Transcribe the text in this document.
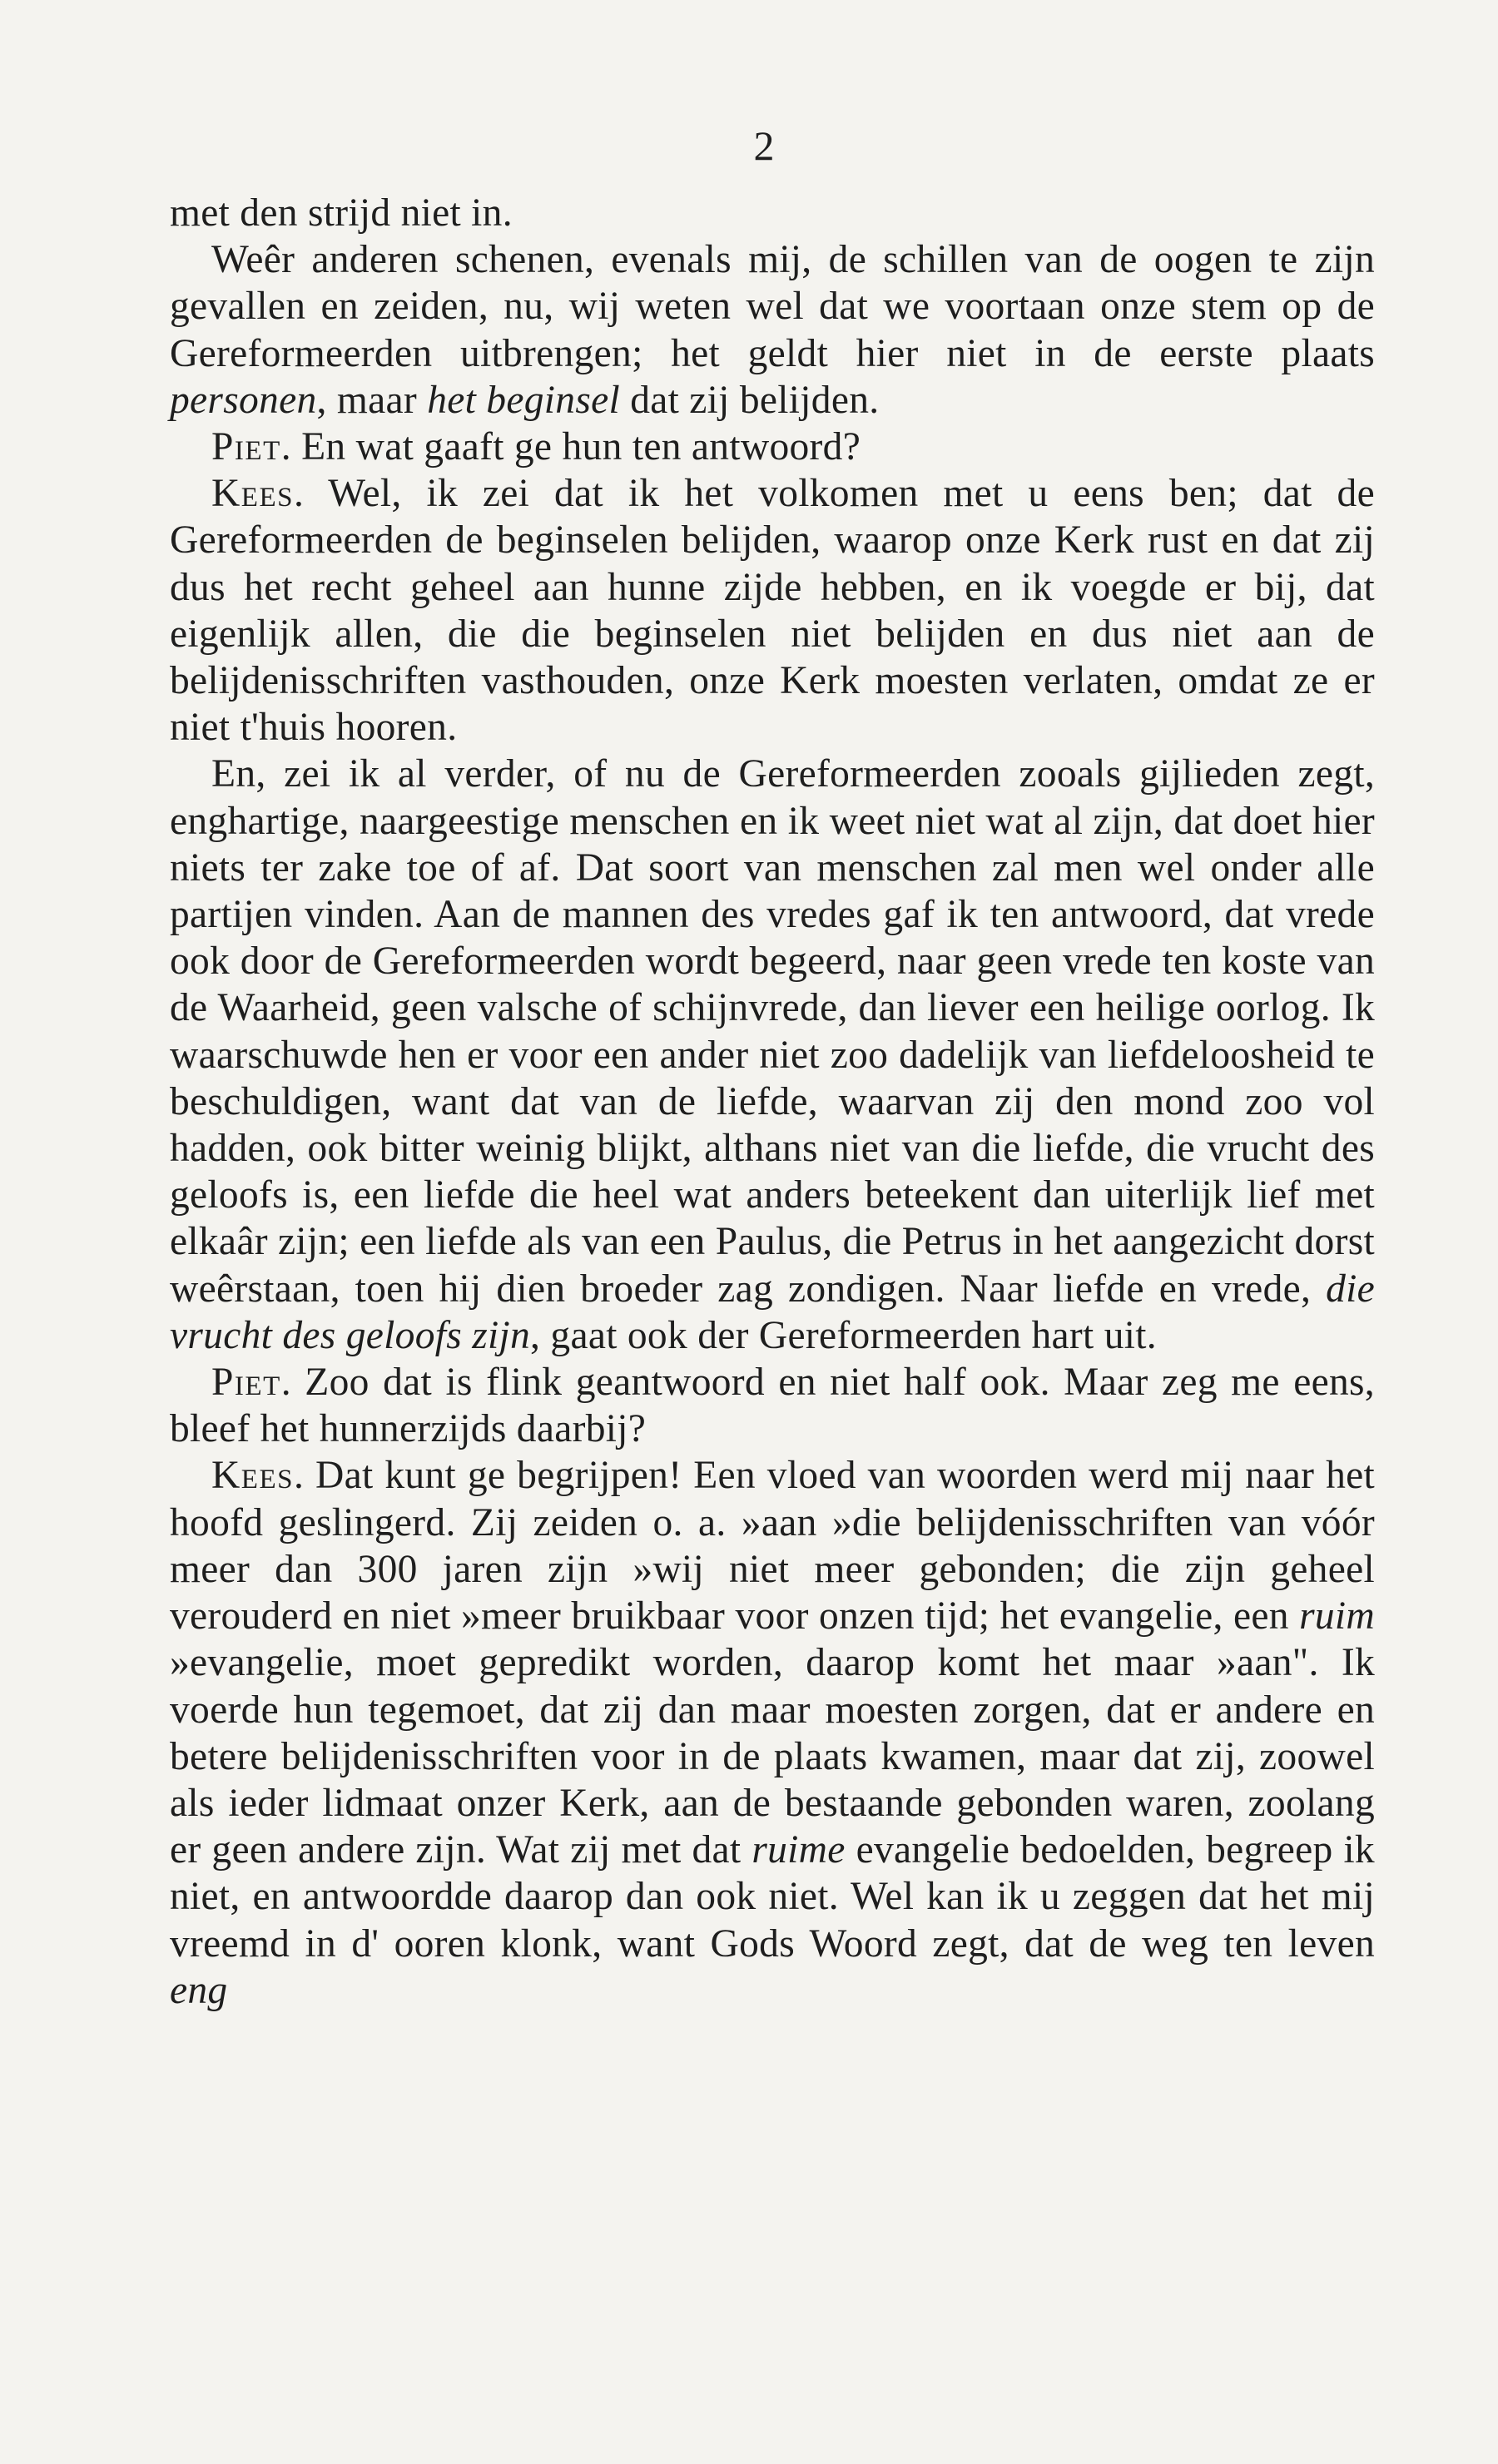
2

met den strijd niet in.

Weêr anderen schenen, evenals mij, de schillen van de oogen te zijn gevallen en zeiden, nu, wij weten wel dat we voortaan onze stem op de Gereformeerden uitbrengen; het geldt hier niet in de eerste plaats personen, maar het beginsel dat zij belijden.

Piet. En wat gaaft ge hun ten antwoord?

Kees. Wel, ik zei dat ik het volkomen met u eens ben; dat de Gereformeerden de beginselen belijden, waarop onze Kerk rust en dat zij dus het recht geheel aan hunne zijde hebben, en ik voegde er bij, dat eigenlijk allen, die die beginselen niet belijden en dus niet aan de belijdenisschriften vasthouden, onze Kerk moesten verlaten, omdat ze er niet t'huis hooren.

En, zei ik al verder, of nu de Gereformeerden zooals gijlieden zegt, enghartige, naargeestige menschen en ik weet niet wat al zijn, dat doet hier niets ter zake toe of af. Dat soort van menschen zal men wel onder alle partijen vinden. Aan de mannen des vredes gaf ik ten antwoord, dat vrede ook door de Gereformeerden wordt begeerd, naar geen vrede ten koste van de Waarheid, geen valsche of schijnvrede, dan liever een heilige oorlog. Ik waarschuwde hen er voor een ander niet zoo dadelijk van liefdeloosheid te beschuldigen, want dat van de liefde, waarvan zij den mond zoo vol hadden, ook bitter weinig blijkt, althans niet van die liefde, die vrucht des geloofs is, een liefde die heel wat anders beteekent dan uiterlijk lief met elkaâr zijn; een liefde als van een Paulus, die Petrus in het aangezicht dorst weêrstaan, toen hij dien broeder zag zondigen. Naar liefde en vrede, die vrucht des geloofs zijn, gaat ook der Gereformeerden hart uit.

Piet. Zoo dat is flink geantwoord en niet half ook. Maar zeg me eens, bleef het hunnerzijds daarbij?

Kees. Dat kunt ge begrijpen! Een vloed van woorden werd mij naar het hoofd geslingerd. Zij zeiden o. a. »aan »die belijdenisschriften van vóór meer dan 300 jaren zijn »wij niet meer gebonden; die zijn geheel verouderd en niet »meer bruikbaar voor onzen tijd; het evangelie, een ruim »evangelie, moet gepredikt worden, daarop komt het maar »aan". Ik voerde hun tegemoet, dat zij dan maar moesten zorgen, dat er andere en betere belijdenisschriften voor in de plaats kwamen, maar dat zij, zoowel als ieder lidmaat onzer Kerk, aan de bestaande gebonden waren, zoolang er geen andere zijn. Wat zij met dat ruime evangelie bedoelden, begreep ik niet, en antwoordde daarop dan ook niet. Wel kan ik u zeggen dat het mij vreemd in d' ooren klonk, want Gods Woord zegt, dat de weg ten leven eng
